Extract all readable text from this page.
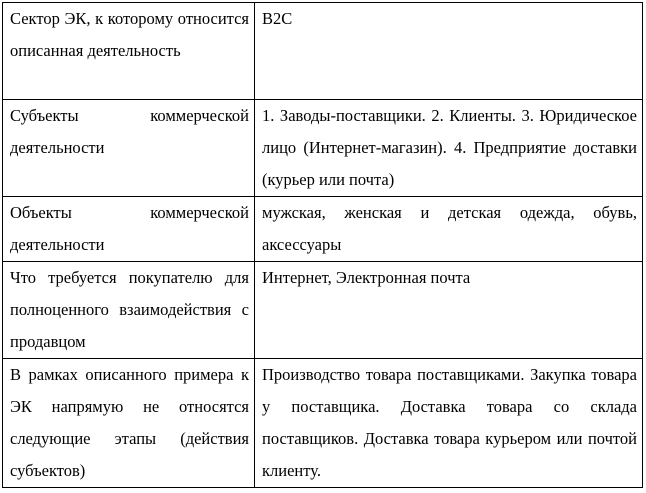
Сектор ЭК, к которому относится описанная деятельность	B2C

Субъекты коммерческой деятельности	1. Заводы-поставщики. 2. Клиенты. 3. Юридическое лицо (Интернет-магазин). 4. Предприятие доставки (курьер или почта)

Объекты коммерческой деятельности	мужская, женская и детская одежда, обувь, аксессуары

Что требуется покупателю для полноценного взаимодействия с продавцом	Интернет, Электронная почта

В рамках описанного примера к ЭК напрямую не относятся следующие этапы (действия субъектов)	Производство товара поставщиками. Закупка товара у поставщика. Доставка товара со склада поставщиков. Доставка товара курьером или почтой клиенту.
